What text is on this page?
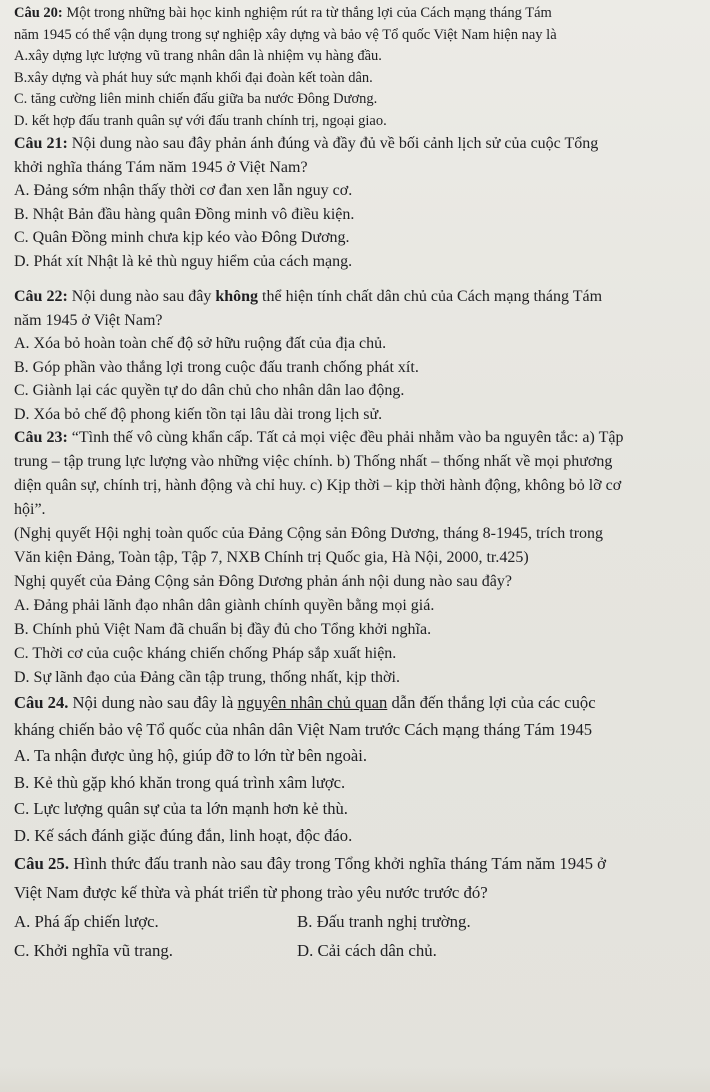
Câu 20: Một trong những bài học kinh nghiệm rút ra từ thắng lợi của Cách mạng tháng Tám
năm 1945 có thể vận dụng trong sự nghiệp xây dựng và bảo vệ Tổ quốc Việt Nam hiện nay là
A.xây dựng lực lượng vũ trang nhân dân là nhiệm vụ hàng đầu.
B.xây dựng và phát huy sức mạnh khối đại đoàn kết toàn dân.
C. tăng cường liên minh chiến đấu giữa ba nước Đông Dương.
D. kết hợp đấu tranh quân sự với đấu tranh chính trị, ngoại giao.
Câu 21: Nội dung nào sau đây phản ánh đúng và đầy đủ về bối cảnh lịch sử của cuộc Tổng
khởi nghĩa tháng Tám năm 1945 ở Việt Nam?
A. Đảng sớm nhận thấy thời cơ đan xen lẫn nguy cơ.
B. Nhật Bản đầu hàng quân Đồng minh vô điều kiện.
C. Quân Đồng minh chưa kịp kéo vào Đông Dương.
D. Phát xít Nhật là kẻ thù nguy hiểm của cách mạng.
Câu 22: Nội dung nào sau đây không thể hiện tính chất dân chủ của Cách mạng tháng Tám
năm 1945 ở Việt Nam?
A. Xóa bỏ hoàn toàn chế độ sở hữu ruộng đất của địa chủ.
B. Góp phần vào thắng lợi trong cuộc đấu tranh chống phát xít.
C. Giành lại các quyền tự do dân chủ cho nhân dân lao động.
D. Xóa bỏ chế độ phong kiến tồn tại lâu dài trong lịch sử.
Câu 23: “Tình thế vô cùng khẩn cấp. Tất cả mọi việc đều phải nhằm vào ba nguyên tắc: a) Tập
trung – tập trung lực lượng vào những việc chính. b) Thống nhất – thống nhất về mọi phương
diện quân sự, chính trị, hành động và chỉ huy. c) Kịp thời – kịp thời hành động, không bỏ lỡ cơ
hội”.
(Nghị quyết Hội nghị toàn quốc của Đảng Cộng sản Đông Dương, tháng 8-1945, trích trong
Văn kiện Đảng, Toàn tập, Tập 7, NXB Chính trị Quốc gia, Hà Nội, 2000, tr.425)
Nghị quyết của Đảng Cộng sản Đông Dương phản ánh nội dung nào sau đây?
A. Đảng phải lãnh đạo nhân dân giành chính quyền bằng mọi giá.
B. Chính phủ Việt Nam đã chuẩn bị đầy đủ cho Tổng khởi nghĩa.
C. Thời cơ của cuộc kháng chiến chống Pháp sắp xuất hiện.
D. Sự lãnh đạo của Đảng cần tập trung, thống nhất, kịp thời.
Câu 24. Nội dung nào sau đây là nguyên nhân chủ quan dẫn đến thắng lợi của các cuộc
kháng chiến bảo vệ Tổ quốc của nhân dân Việt Nam trước Cách mạng tháng Tám 1945
A. Ta nhận được ủng hộ, giúp đỡ to lớn từ bên ngoài.
B. Kẻ thù gặp khó khăn trong quá trình xâm lược.
C. Lực lượng quân sự của ta lớn mạnh hơn kẻ thù.
D. Kế sách đánh giặc đúng đắn, linh hoạt, độc đáo.
Câu 25. Hình thức đấu tranh nào sau đây trong Tổng khởi nghĩa tháng Tám năm 1945 ở
Việt Nam được kế thừa và phát triển từ phong trào yêu nước trước đó?
A. Phá ấp chiến lược.	B. Đấu tranh nghị trường.
C. Khởi nghĩa vũ trang.	D. Cải cách dân chủ.
